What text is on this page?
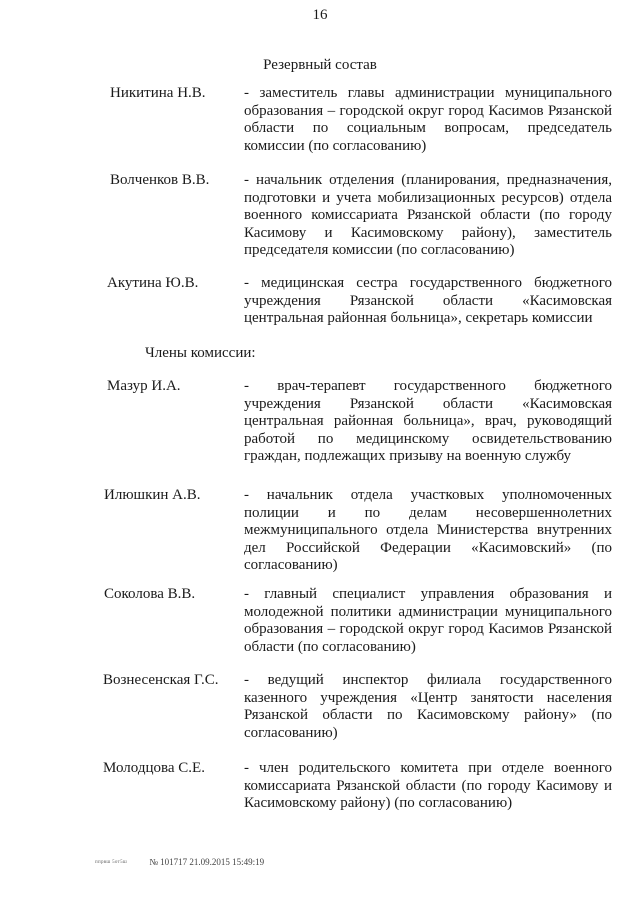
16
Резервный состав
Никитина Н.В.	- заместитель главы администрации муниципального образования – городской округ город Касимов Рязанской области по социальным вопросам, председатель комиссии (по согласованию)
Волченков В.В. - начальник отделения (планирования, предназначения, подготовки и учета мобилизационных ресурсов) отдела военного комиссариата Рязанской области (по городу Касимову и Касимовскому району), заместитель председателя комиссии (по согласованию)
Акутина Ю.В.	- медицинская сестра государственного бюджетного учреждения Рязанской области «Касимовская центральная районная больница», секретарь комиссии
Члены комиссии:
Мазур И.А.	- врач-терапевт государственного бюджетного учреждения Рязанской области «Касимовская центральная районная больница», врач, руководящий работой по медицинскому освидетельствованию граждан, подлежащих призыву на военную службу
Илюшкин А.В.	- начальник отдела участковых уполномоченных полиции и по делам несовершеннолетних межмуниципального отдела Министерства внутренних дел Российской Федерации «Касимовский» (по согласованию)
Соколова В.В.	- главный специалист управления образования и молодежной политики администрации муниципального образования – городской округ город Касимов Рязанской области (по согласованию)
Вознесенская Г.С. - ведущий инспектор филиала государственного казенного учреждения «Центр занятости населения Рязанской области по Касимовскому району» (по согласованию)
Молодцова С.Е.	- член родительского комитета при отделе военного комиссариата Рязанской области (по городу Касимову и Касимовскому району) (по согласованию)
ппрвш 5от5ш № 101717 21.09.2015 15:49:19
